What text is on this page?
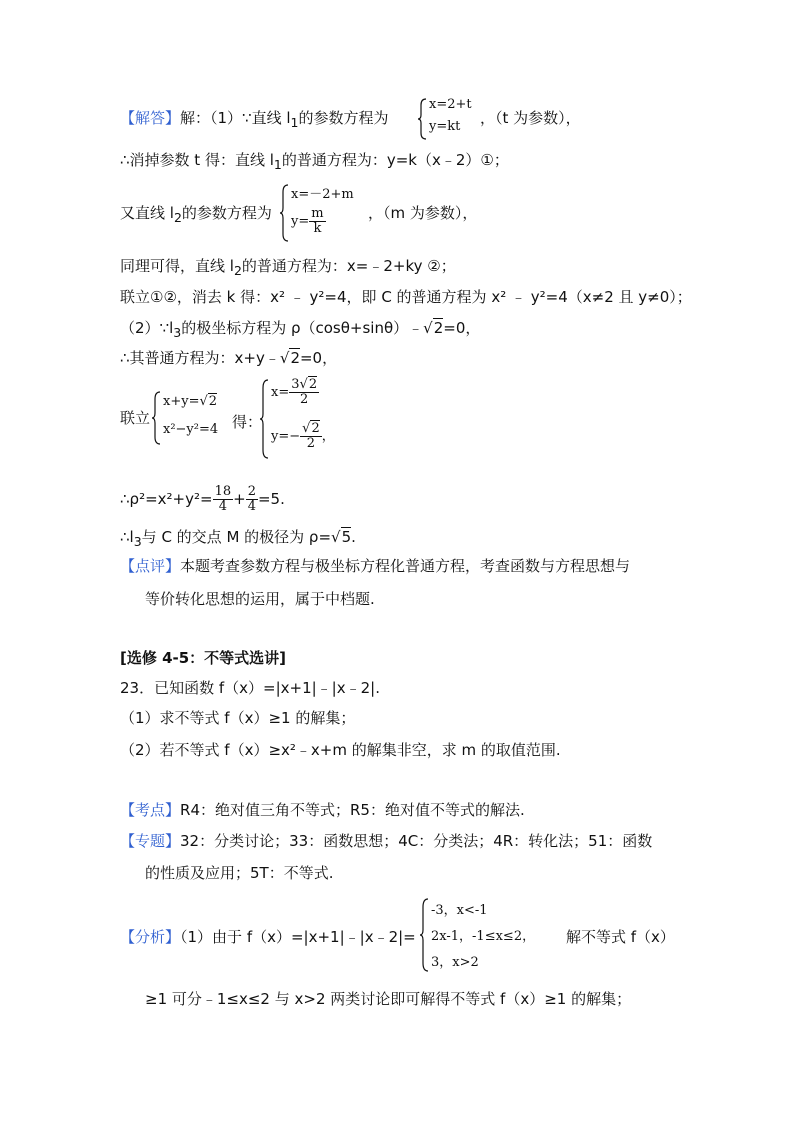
【解答】解：（1）∵直线 $l_1$的参数方程为
x=2+t
y=kt ，（t 为参数），
∴消掉参数 t 得：直线 $l_1$的普通方程为：y=k（x﹣2）①；
又直线 $l_2$的参数方程为
x=－2+m
$y= \frac{m}{k}$	，（m 为参数），
同理可得，直线 $l_2$的普通方程为：x=﹣2+ky ②；
联立①②，消去 k 得：x² ﹣ y²=4，即 C 的普通方程为 x² ﹣ y²=4（x≠2 且 y≠0）；
$(2)\because l_3$的极坐标方程为 ρ（cosθ+sinθ）﹣√2=0，
∴其普通方程为：x+y﹣√2=0，
联立
x+y=√2
x²−y²=4 得：
$x= \frac{3√2}{2}$
$y=- \frac{√2}{2}$ ，
∴ρ²=x²+y²= $\frac{18}{4} + \frac{2}{4} =5$.
$\therefore l_3$与 C 的交点 M 的极径为 ρ=√5.
【点评】本题考查参数方程与极坐标方程化普通方程，考查函数与方程思想与
等价转化思想的运用，属于中档题.
[选修 4-5：不等式选讲]
23．已知函数 f（x）=|x+1|﹣|x﹣2|.
（1）求不等式 f（x）≥1 的解集；
（2）若不等式 f（x）≥x²﹣x+m 的解集非空，求 m 的取值范围.
【考点】R4：绝对值三角不等式；R5：绝对值不等式的解法.
【专题】32：分类讨论；33：函数思想；4C：分类法；4R：转化法；51：函数
的性质及应用；5T：不等式.
【分析】（1）由于 f（x）=|x+1|﹣|x﹣2|=
-3，x<-1
2x-1，-1≤x≤2，
3，x>2
解不等式 f（x）
≥1 可分﹣1≤x≤2 与 x>2 两类讨论即可解得不等式 f（x）≥1 的解集；
